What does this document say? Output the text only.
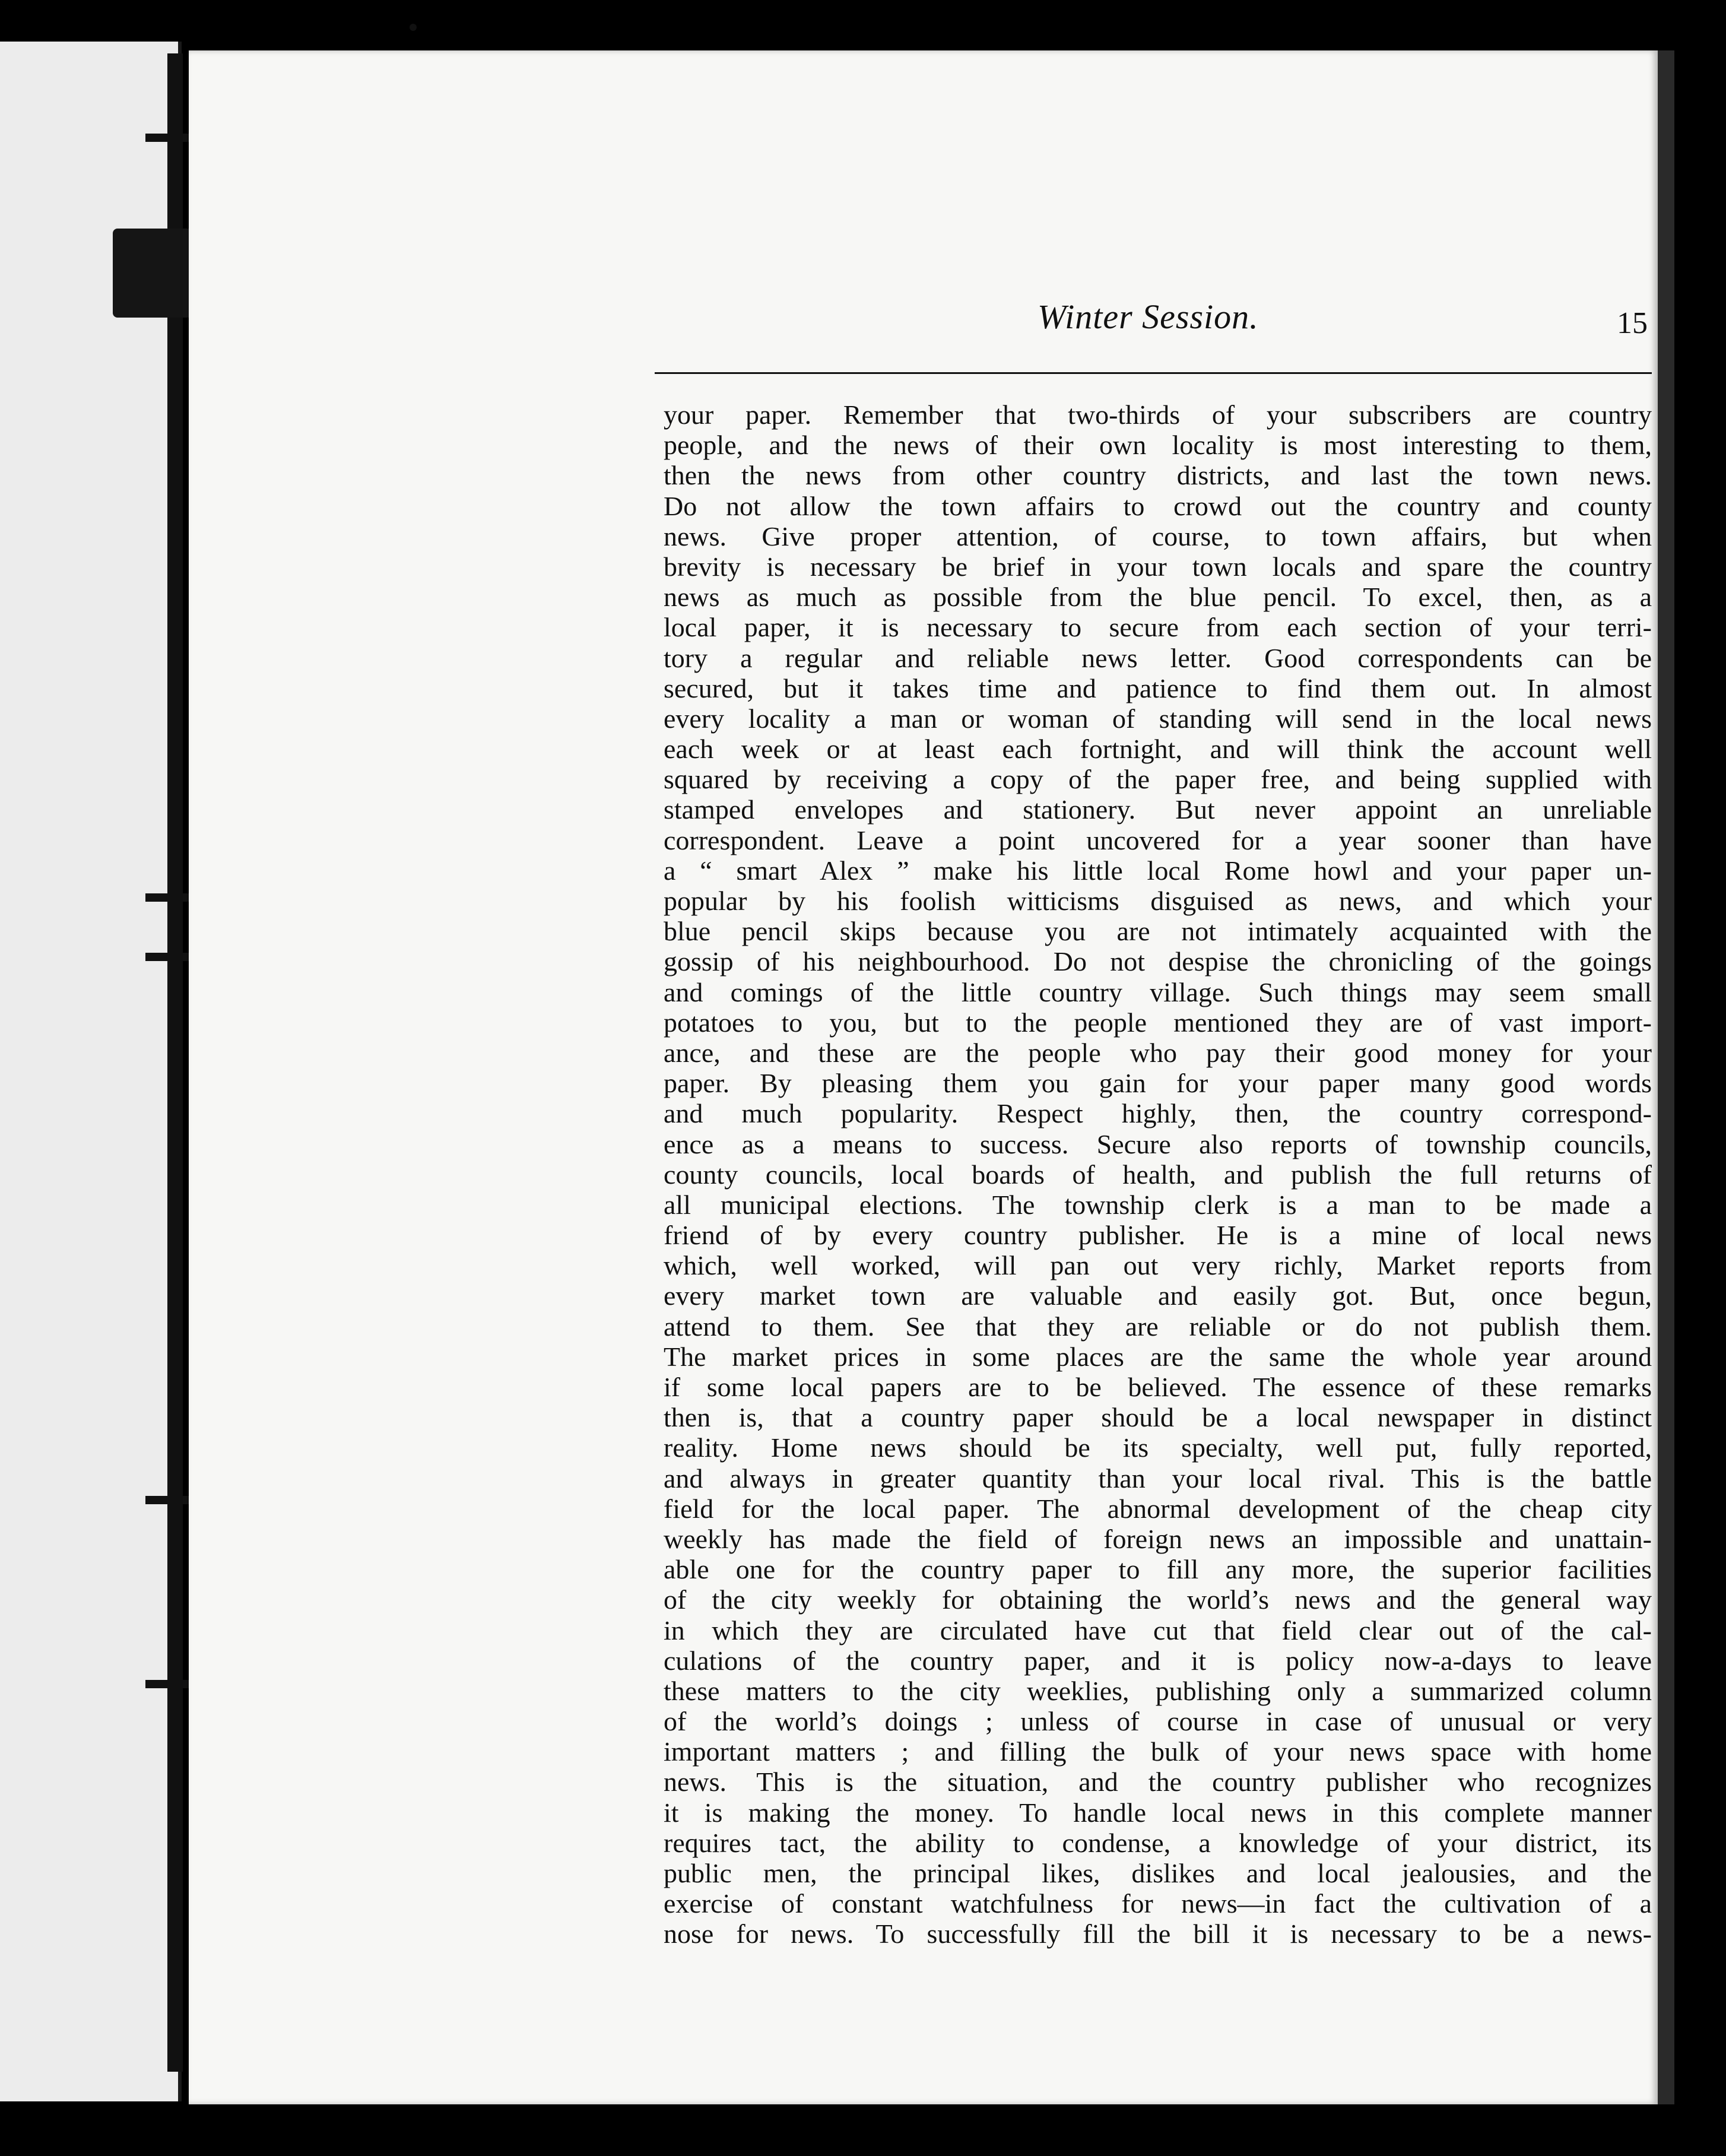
Winter Session.	15
your paper. Remember that two-thirds of your subscribers are country
people, and the news of their own locality is most interesting to them,
then the news from other country districts, and last the town news.
Do not allow the town affairs to crowd out the country and county
news. Give proper attention, of course, to town affairs, but when
brevity is necessary be brief in your town locals and spare the country
news as much as possible from the blue pencil. To excel, then, as a
local paper, it is necessary to secure from each section of your terri-
tory a regular and reliable news letter. Good correspondents can be
secured, but it takes time and patience to find them out. In almost
every locality a man or woman of standing will send in the local news
each week or at least each fortnight, and will think the account well
squared by receiving a copy of the paper free, and being supplied with
stamped envelopes and stationery. But never appoint an unreliable
correspondent. Leave a point uncovered for a year sooner than have
a “ smart Alex ” make his little local Rome howl and your paper un-
popular by his foolish witticisms disguised as news, and which your
blue pencil skips because you are not intimately acquainted with the
gossip of his neighbourhood. Do not despise the chronicling of the goings
and comings of the little country village. Such things may seem small
potatoes to you, but to the people mentioned they are of vast import-
ance, and these are the people who pay their good money for your
paper. By pleasing them you gain for your paper many good words
and much popularity. Respect highly, then, the country correspond-
ence as a means to success. Secure also reports of township councils,
county councils, local boards of health, and publish the full returns of
all municipal elections. The township clerk is a man to be made a
friend of by every country publisher. He is a mine of local news
which, well worked, will pan out very richly, Market reports from
every market town are valuable and easily got. But, once begun,
attend to them. See that they are reliable or do not publish them.
The market prices in some places are the same the whole year around
if some local papers are to be believed. The essence of these remarks
then is, that a country paper should be a local newspaper in distinct
reality. Home news should be its specialty, well put, fully reported,
and always in greater quantity than your local rival. This is the battle
field for the local paper. The abnormal development of the cheap city
weekly has made the field of foreign news an impossible and unattain-
able one for the country paper to fill any more, the superior facilities
of the city weekly for obtaining the world’s news and the general way
in which they are circulated have cut that field clear out of the cal-
culations of the country paper, and it is policy now-a-days to leave
these matters to the city weeklies, publishing only a summarized column
of the world’s doings ; unless of course in case of unusual or very
important matters ; and filling the bulk of your news space with home
news. This is the situation, and the country publisher who recognizes
it is making the money. To handle local news in this complete manner
requires tact, the ability to condense, a knowledge of your district, its
public men, the principal likes, dislikes and local jealousies, and the
exercise of constant watchfulness for news—in fact the cultivation of a
nose for news. To successfully fill the bill it is necessary to be a news-
